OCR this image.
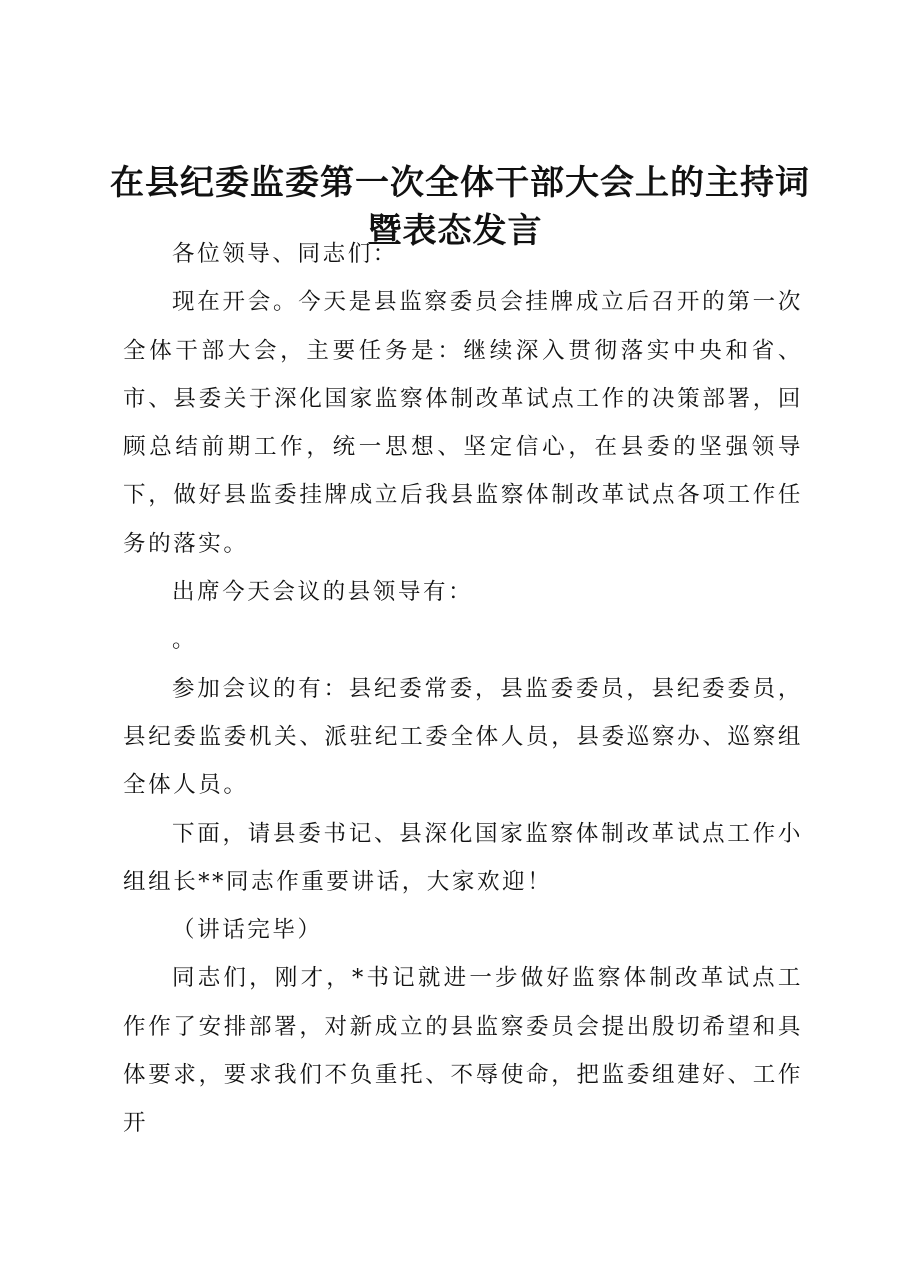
在县纪委监委第一次全体干部大会上的主持词
暨表态发言

各位领导、同志们：

现在开会。今天是县监察委员会挂牌成立后召开的第一次全体干部大会，主要任务是：继续深入贯彻落实中央和省、市、县委关于深化国家监察体制改革试点工作的决策部署，回顾总结前期工作，统一思想、坚定信心，在县委的坚强领导下，做好县监委挂牌成立后我县监察体制改革试点各项工作任务的落实。

出席今天会议的县领导有：

。

参加会议的有：县纪委常委，县监委委员，县纪委委员，县纪委监委机关、派驻纪工委全体人员，县委巡察办、巡察组全体人员。

下面，请县委书记、县深化国家监察体制改革试点工作小组组长**同志作重要讲话，大家欢迎！

（讲话完毕）

同志们，刚才，*书记就进一步做好监察体制改革试点工作作了安排部署，对新成立的县监察委员会提出殷切希望和具体要求，要求我们不负重托、不辱使命，把监委组建好、工作开
